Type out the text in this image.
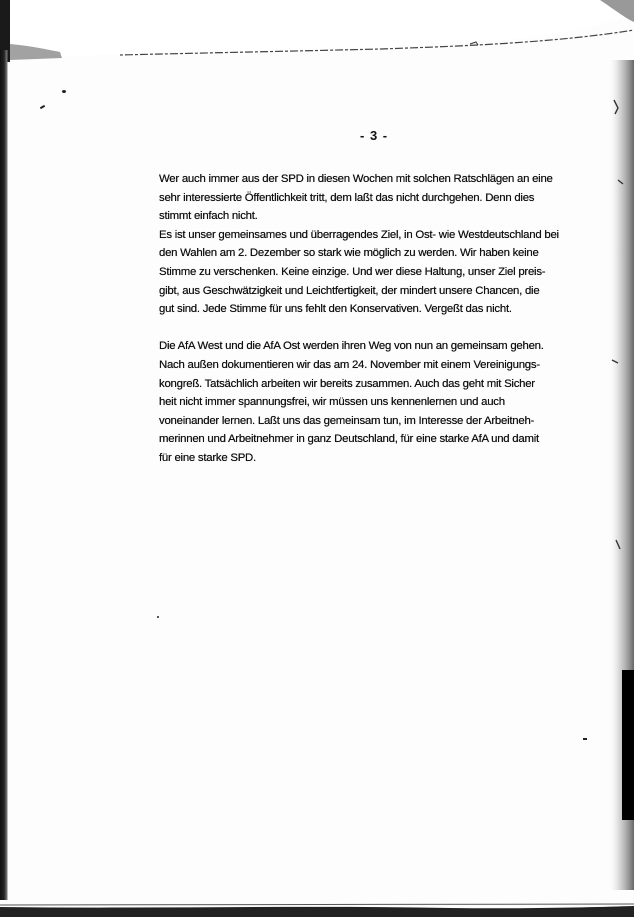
- 3 -
Wer auch immer aus der SPD in diesen Wochen mit solchen Ratschlägen an eine
sehr interessierte Öffentlichkeit tritt, dem laßt das nicht durchgehen. Denn dies
stimmt einfach nicht.
Es ist unser gemeinsames und überragendes Ziel, in Ost- wie Westdeutschland bei
den Wahlen am 2. Dezember so stark wie möglich zu werden. Wir haben keine
Stimme zu verschenken. Keine einzige. Und wer diese Haltung, unser Ziel preis-
gibt, aus Geschwätzigkeit und Leichtfertigkeit, der mindert unsere Chancen, die
gut sind. Jede Stimme für uns fehlt den Konservativen. Vergeßt das nicht.
Die AfA West und die AfA Ost werden ihren Weg von nun an gemeinsam gehen.
Nach außen dokumentieren wir das am 24. November mit einem Vereinigungs-
kongreß. Tatsächlich arbeiten wir bereits zusammen. Auch das geht mit Sicher
heit nicht immer spannungsfrei, wir müssen uns kennenlernen und auch
voneinander lernen. Laßt uns das gemeinsam tun, im Interesse der Arbeitneh-
merinnen und Arbeitnehmer in ganz Deutschland, für eine starke AfA und damit
für eine starke SPD.
